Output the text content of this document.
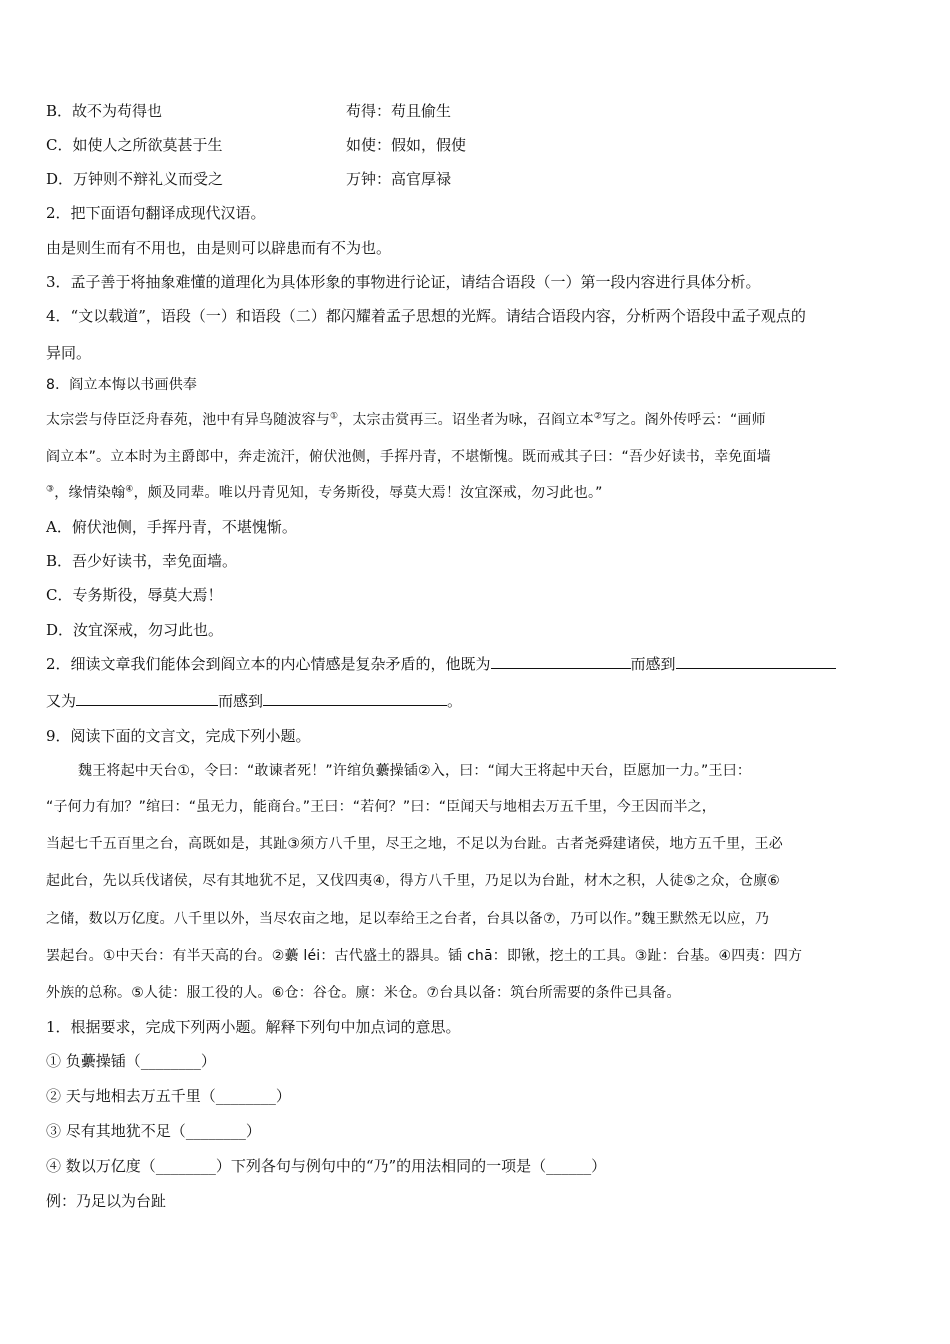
B．故不为苟得也	苟得：苟且偷生
C．如使人之所欲莫甚于生	如使：假如，假使
D．万钟则不辩礼义而受之	万钟：高官厚禄
2．把下面语句翻译成现代汉语。
由是则生而有不用也，由是则可以辟患而有不为也。
3．孟子善于将抽象难懂的道理化为具体形象的事物进行论证，请结合语段（一）第一段内容进行具体分析。
4．“文以载道”，语段（一）和语段（二）都闪耀着孟子思想的光辉。请结合语段内容，分析两个语段中孟子观点的
异同。
8．阎立本悔以书画供奉
太宗尝与侍臣泛舟春苑，池中有异鸟随波容与①，太宗击赏再三。诏坐者为咏，召阎立本②写之。阁外传呼云：“画师
阎立本”。立本时为主爵郎中，奔走流汗，俯伏池侧，手挥丹青，不堪惭愧。既而戒其子曰：“吾少好读书，幸免面墙
③，缘情染翰④，颇及同辈。唯以丹青见知，专务斯役，辱莫大焉！汝宜深戒，勿习此也。”
A．俯伏池侧，手挥丹青，不堪愧惭。
B．吾少好读书，幸免面墙。
C．专务斯役，辱莫大焉！
D．汝宜深戒，勿习此也。
2．细读文章我们能体会到阎立本的内心情感是复杂矛盾的，他既为	而感到
又为	而感到	。
9．阅读下面的文言文，完成下列小题。
魏王将起中天台①，令曰：“敢谏者死！”许绾负虆操锸②入，曰：“闻大王将起中天台，臣愿加一力。”王曰：
“子何力有加？”绾曰：“虽无力，能商台。”王曰：“若何？”曰：“臣闻天与地相去万五千里，今王因而半之，
当起七千五百里之台，高既如是，其趾③须方八千里，尽王之地，不足以为台趾。古者尧舜建诸侯，地方五千里，王必
起此台，先以兵伐诸侯，尽有其地犹不足，又伐四夷④，得方八千里，乃足以为台趾，材木之积，人徒⑤之众，仓廪⑥
之储，数以万亿度。八千里以外，当尽农亩之地，足以奉给王之台者，台具以备⑦，乃可以作。”魏王默然无以应，乃
罢起台。①中天台：有半天高的台。②虆 léi：古代盛土的器具。锸 chā：即锹，挖土的工具。③趾：台基。④四夷：四方
外族的总称。⑤人徒：服工役的人。⑥仓：谷仓。廪：米仓。⑦台具以备：筑台所需要的条件已具备。
1．根据要求，完成下列两小题。解释下列句中加点词的意思。
① 负虆操锸（________）
② 天与地相去万五千里（________）
③ 尽有其地犹不足（________）
④ 数以万亿度（________）下列各句与例句中的“乃”的用法相同的一项是（______）
例：乃足以为台趾
